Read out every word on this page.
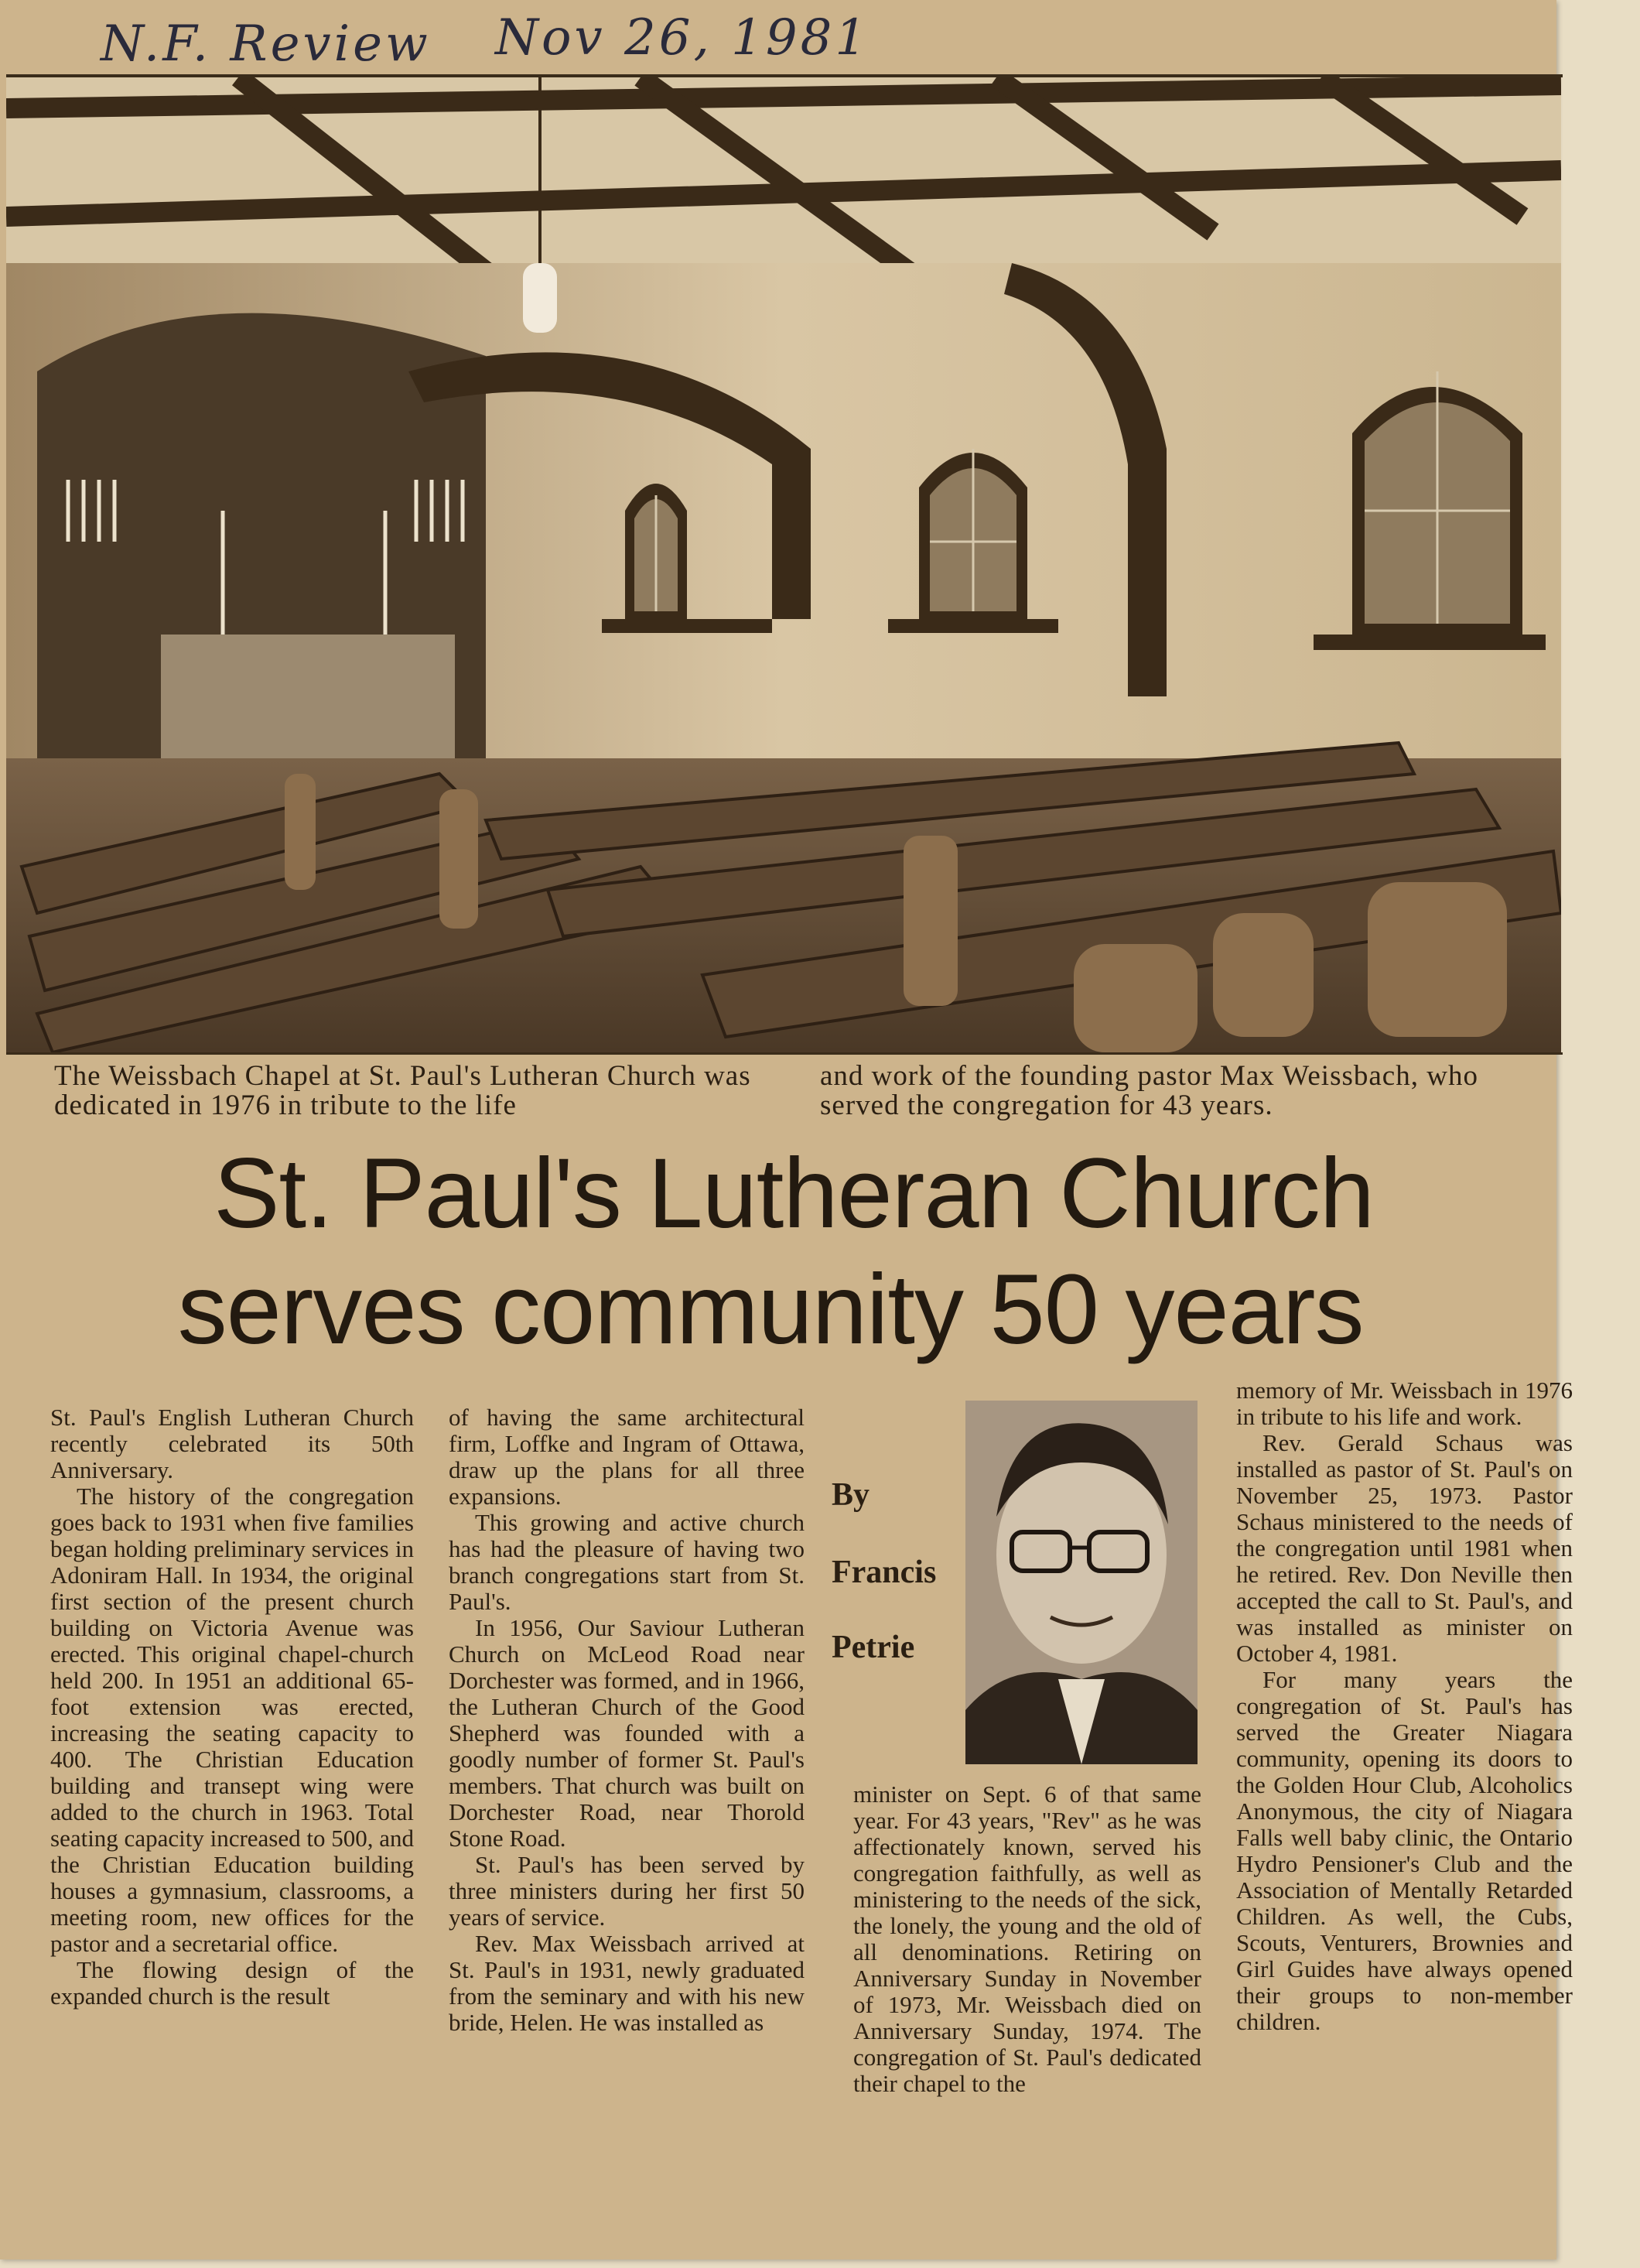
N.F. Review Nov 26, 1981
The Weissbach Chapel at St. Paul's Lutheran Church was dedicated in 1976 in tribute to the life
and work of the founding pastor Max Weissbach, who served the congregation for 43 years.
St. Paul's Lutheran Church
serves community 50 years

St. Paul's English Lutheran Church recently celebrated its 50th Anniversary.

The history of the congregation goes back to 1931 when five families began holding preliminary services in Adoniram Hall. In 1934, the original first section of the present church building on Victoria Avenue was erected. This original chapel-church held 200. In 1951 an additional 65-foot extension was erected, increasing the seating capacity to 400. The Christian Education building and transept wing were added to the church in 1963. Total seating capacity increased to 500, and the Christian Education building houses a gymnasium, classrooms, a meeting room, new offices for the pastor and a secretarial office.

The flowing design of the expanded church is the result

of having the same architectural firm, Loffke and Ingram of Ottawa, draw up the plans for all three expansions.

This growing and active church has had the pleasure of having two branch congregations start from St. Paul's.

In 1956, Our Saviour Lutheran Church on McLeod Road near Dorchester was formed, and in 1966, the Lutheran Church of the Good Shepherd was founded with a goodly number of former St. Paul's members. That church was built on Dorchester Road, near Thorold Stone Road.

St. Paul's has been served by three ministers during her first 50 years of service.

Rev. Max Weissbach arrived at St. Paul's in 1931, newly graduated from the seminary and with his new bride, Helen. He was installed as

By
Francis
Petrie

minister on Sept. 6 of that same year. For 43 years, "Rev" as he was affectionately known, served his congregation faithfully, as well as ministering to the needs of the sick, the lonely, the young and the old of all denominations. Retiring on Anniversary Sunday in November of 1973, Mr. Weissbach died on Anniversary Sunday, 1974. The congregation of St. Paul's dedicated their chapel to the

memory of Mr. Weissbach in 1976 in tribute to his life and work.

Rev. Gerald Schaus was installed as pastor of St. Paul's on November 25, 1973. Pastor Schaus ministered to the needs of the congregation until 1981 when he retired. Rev. Don Neville then accepted the call to St. Paul's, and was installed as minister on October 4, 1981.

For many years the congregation of St. Paul's has served the Greater Niagara community, opening its doors to the Golden Hour Club, Alcoholics Anonymous, the city of Niagara Falls well baby clinic, the Ontario Hydro Pensioner's Club and the Association of Mentally Retarded Children. As well, the Cubs, Scouts, Venturers, Brownies and Girl Guides have always opened their groups to non-member children.
